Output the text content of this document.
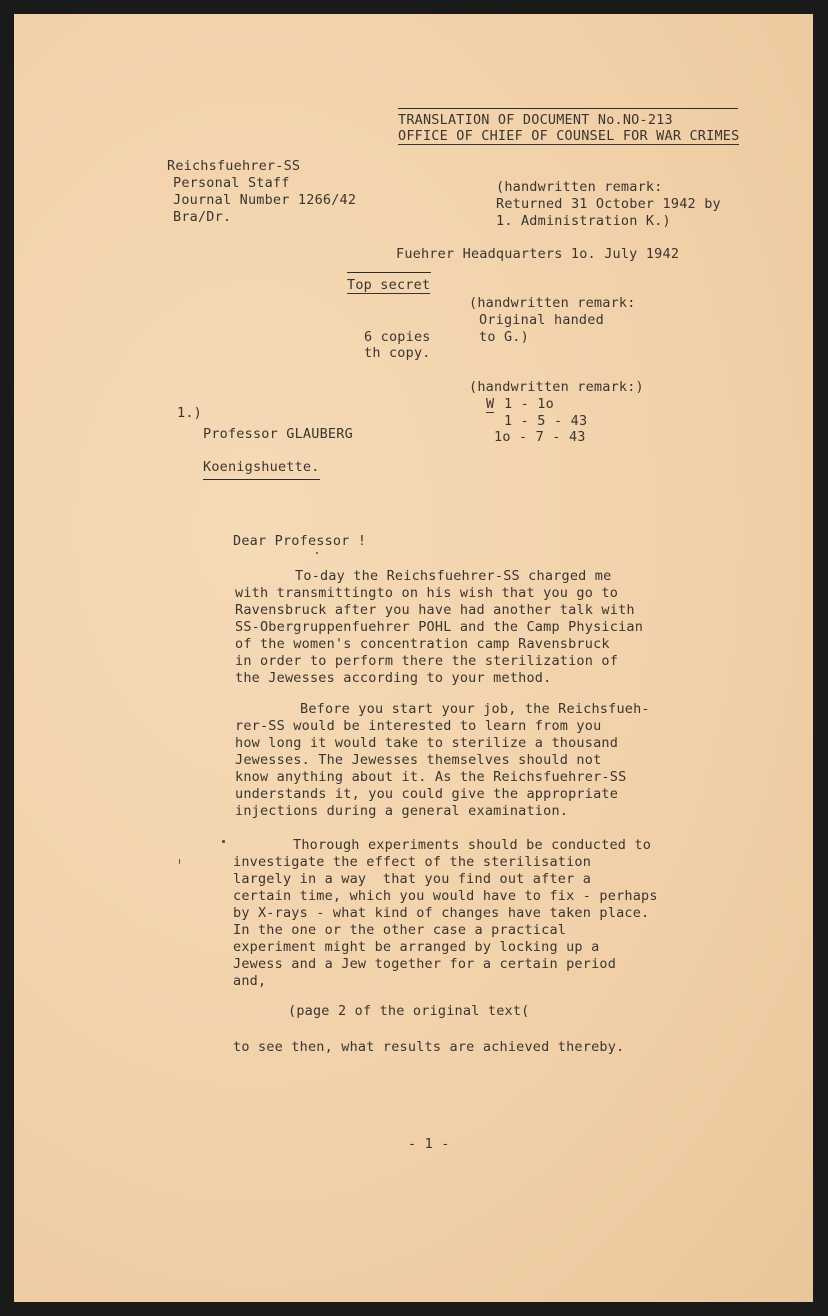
TRANSLATION OF DOCUMENT No.NO-213
OFFICE OF CHIEF OF COUNSEL FOR WAR CRIMES
Reichsfuehrer-SS
Personal Staff
Journal Number 1266/42
Bra/Dr.
(handwritten remark:
Returned 31 October 1942 by
1. Administration K.)
Fuehrer Headquarters 1o. July 1942
Top secret
(handwritten remark:
Original handed
to G.)
6 copies
th copy.
(handwritten remark:)
W 1 - 1o
1 - 5 - 43
1o - 7 - 43
1.)
Professor GLAUBERG
Koenigshuette.
Dear Professor !
To-day the Reichsfuehrer-SS charged me
with transmittingto on his wish that you go to
Ravensbruck after you have had another talk with
SS-Obergruppenfuehrer POHL and the Camp Physician
of the women's concentration camp Ravensbruck
in order to perform there the sterilization of
the Jewesses according to your method.
Before you start your job, the Reichsfueh-
rer-SS would be interested to learn from you
how long it would take to sterilize a thousand
Jewesses. The Jewesses themselves should not
know anything about it. As the Reichsfuehrer-SS
understands it, you could give the appropriate
injections during a general examination.
Thorough experiments should be conducted to
investigate the effect of the sterilisation
largely in a way  that you find out after a
certain time, which you would have to fix - perhaps
by X-rays - what kind of changes have taken place.
In the one or the other case a practical
experiment might be arranged by locking up a
Jewess and a Jew together for a certain period
and,
(page 2 of the original text(
to see then, what results are achieved thereby.
- 1 -
